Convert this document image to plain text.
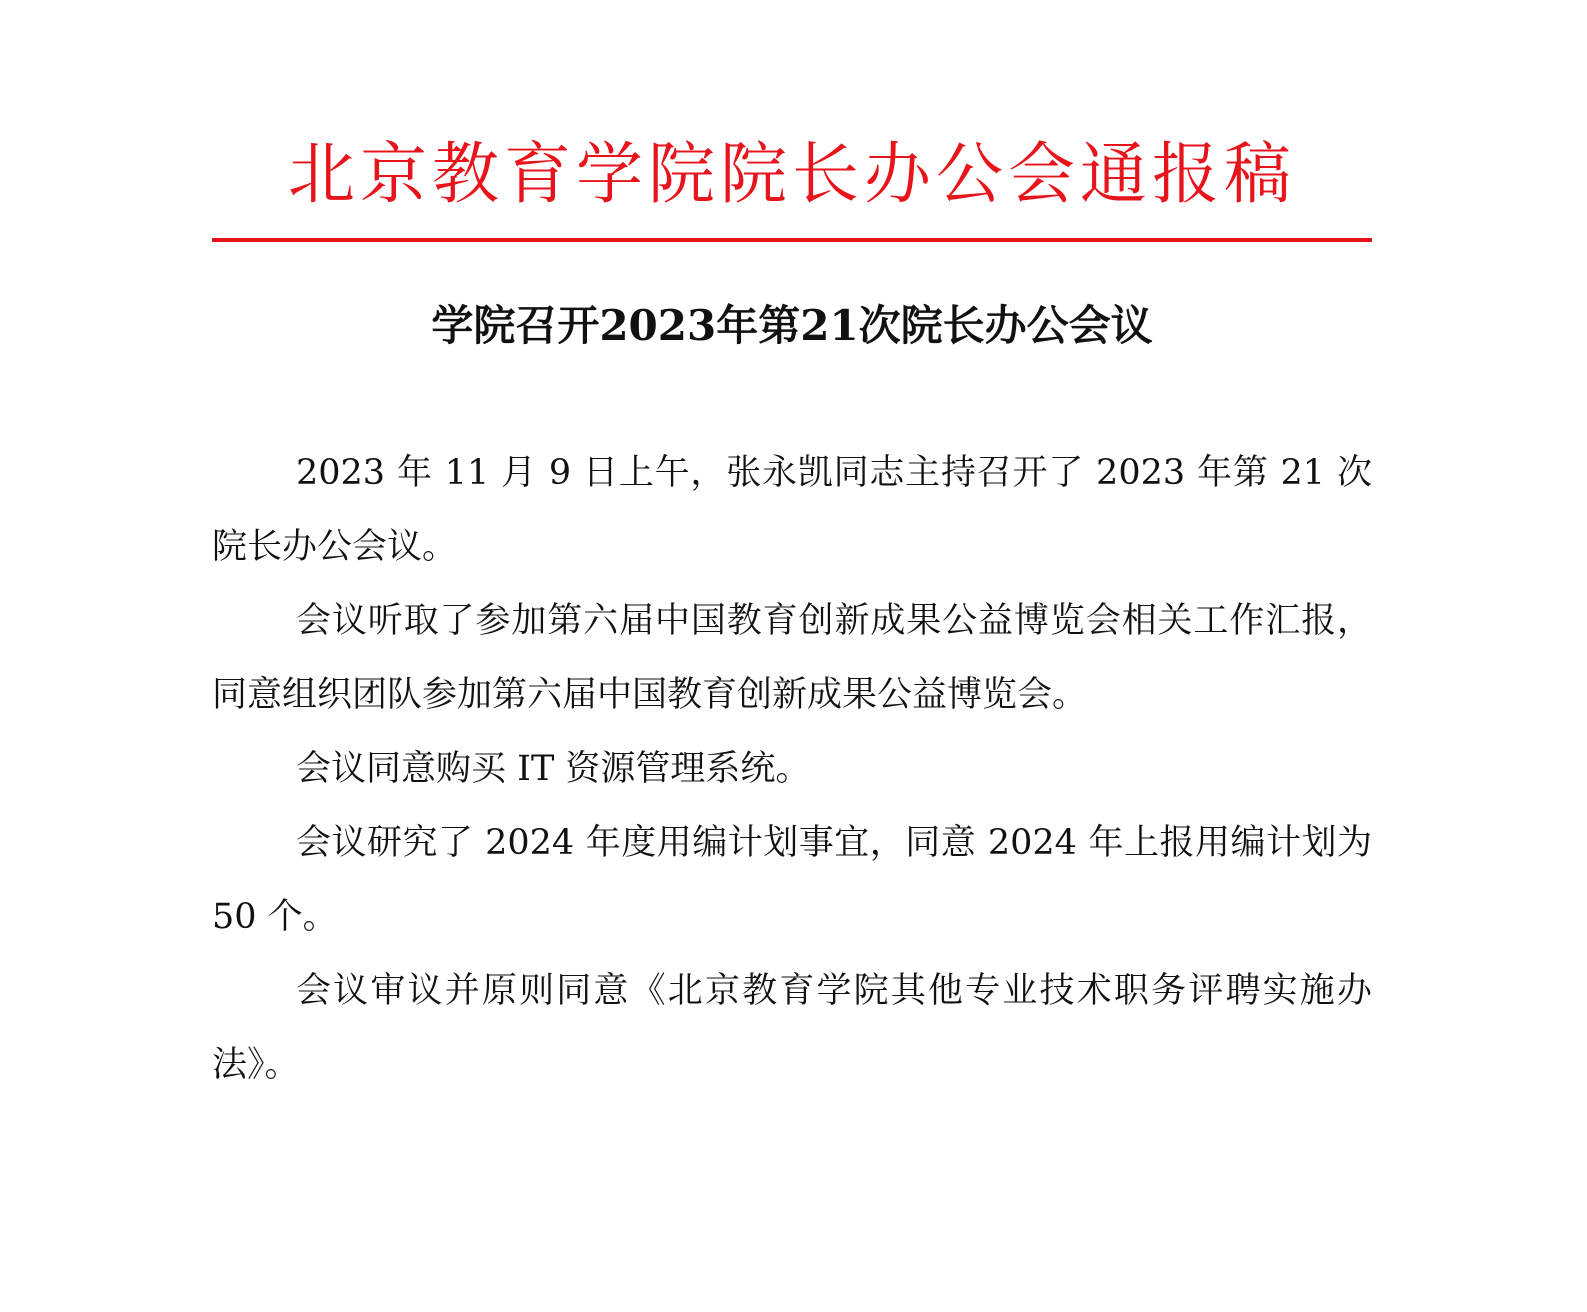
北京教育学院院长办公会通报稿
学院召开2023年第21次院长办公会议

2023 年 11 月 9 日上午，张永凯同志主持召开了 2023 年第 21 次院长办公会议。

会议听取了参加第六届中国教育创新成果公益博览会相关工作汇报，同意组织团队参加第六届中国教育创新成果公益博览会。

会议同意购买 IT 资源管理系统。

会议研究了 2024 年度用编计划事宜，同意 2024 年上报用编计划为 50 个。

会议审议并原则同意《北京教育学院其他专业技术职务评聘实施办法》。
